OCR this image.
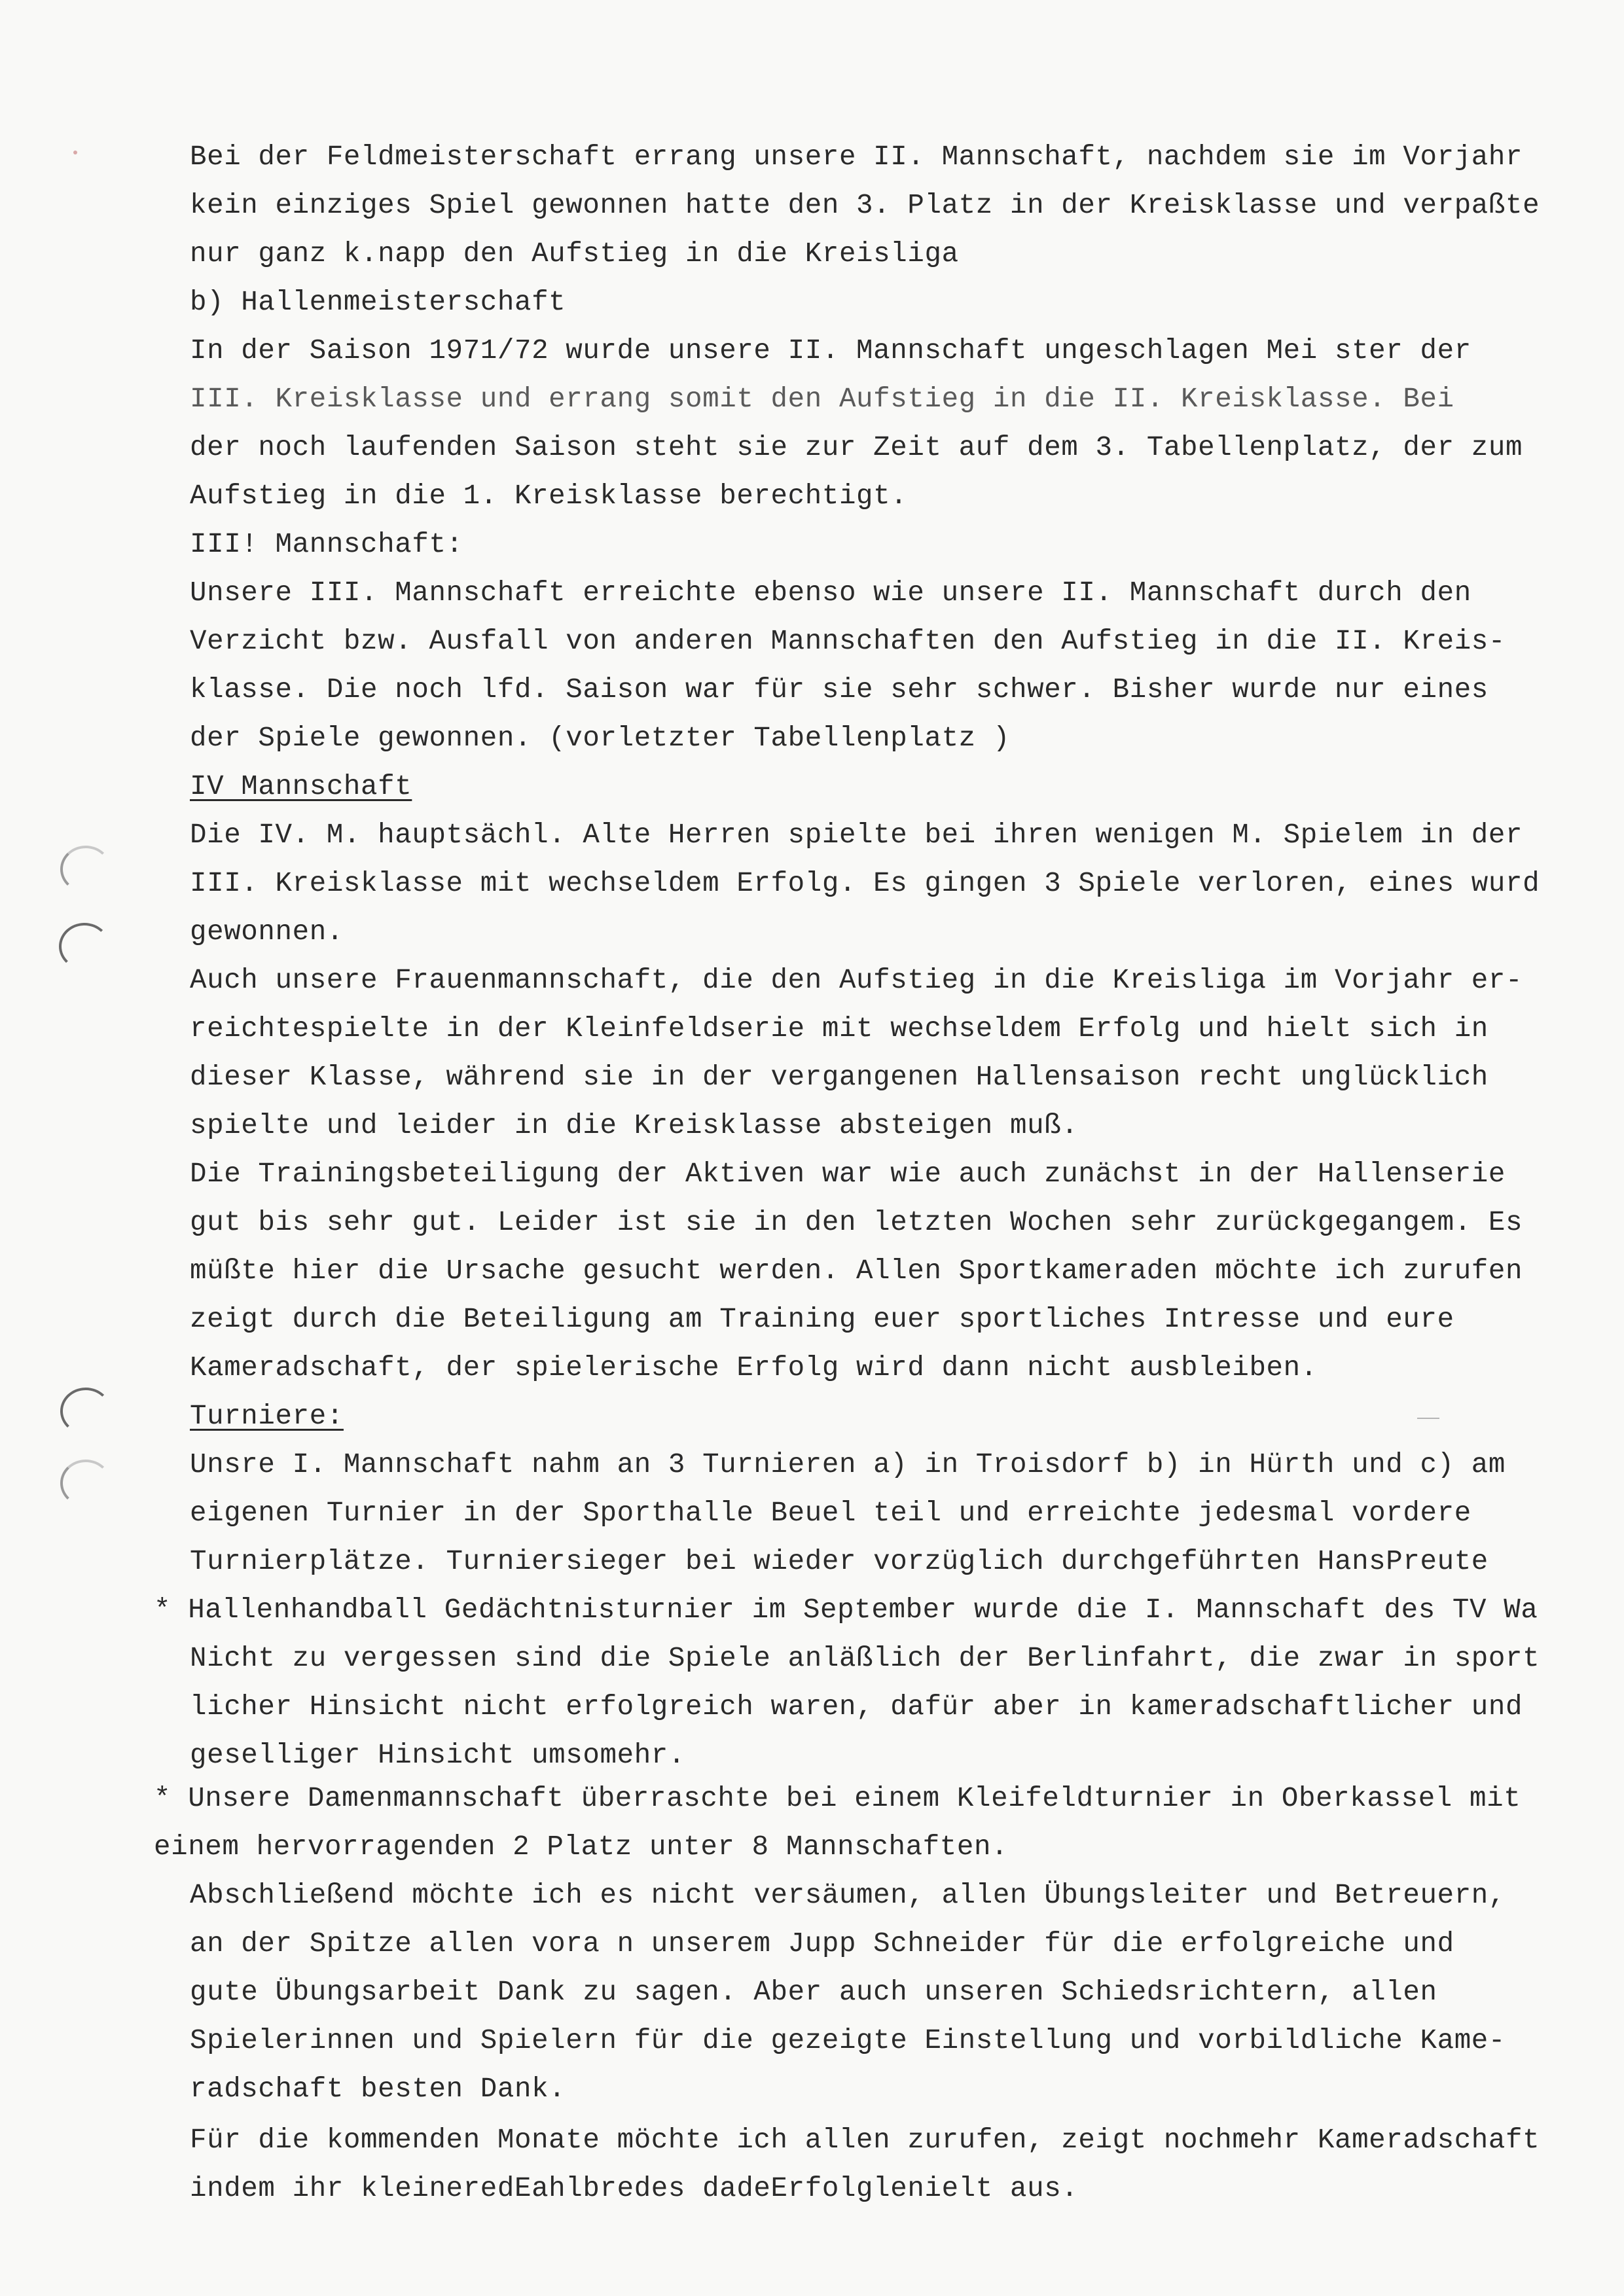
Bei der Feldmeisterschaft errang unsere II. Mannschaft, nachdem sie im Vorjahr
kein einziges Spiel gewonnen hatte den 3. Platz in der Kreisklasse und verpaßte
nur ganz k.napp den Aufstieg in die Kreisliga
b) Hallenmeisterschaft
In der Saison 1971/72 wurde unsere II. Mannschaft ungeschlagen Mei ster der
III. Kreisklasse und errang somit den Aufstieg in die II. Kreisklasse. Bei
der noch laufenden Saison steht sie zur Zeit auf dem 3. Tabellenplatz, der zum
Aufstieg in die 1. Kreisklasse berechtigt.
III! Mannschaft:
Unsere III. Mannschaft erreichte ebenso wie unsere II. Mannschaft durch den
Verzicht bzw. Ausfall von anderen Mannschaften den Aufstieg in die II. Kreis-
klasse. Die noch lfd. Saison war für sie sehr schwer. Bisher wurde nur eines
der Spiele gewonnen. (vorletzter Tabellenplatz )
IV Mannschaft
Die IV. M. hauptsächl. Alte Herren spielte bei ihren wenigen M. Spielem in der
III. Kreisklasse mit wechseldem Erfolg. Es gingen 3 Spiele verloren, eines wurd
gewonnen.
Auch unsere Frauenmannschaft, die den Aufstieg in die Kreisliga im Vorjahr er-
reichtespielte in der Kleinfeldserie mit wechseldem Erfolg und hielt sich in
dieser Klasse, während sie in der vergangenen Hallensaison recht unglücklich
spielte und leider in die Kreisklasse absteigen muß.
Die Trainingsbeteiligung der Aktiven war wie auch zunächst in der Hallenserie
gut bis sehr gut. Leider ist sie in den letzten Wochen sehr zurückgegangem. Es
müßte hier die Ursache gesucht werden. Allen Sportkameraden möchte ich zurufen
zeigt durch die Beteiligung am Training euer sportliches Intresse und eure
Kameradschaft, der spielerische Erfolg wird dann nicht ausbleiben.
Turniere:
Unsre I. Mannschaft nahm an 3 Turnieren a) in Troisdorf b) in Hürth und c) am
eigenen Turnier in der Sporthalle Beuel teil und erreichte jedesmal vordere
Turnierplätze. Turniersieger bei wieder vorzüglich durchgeführten HansPreute
* Hallenhandball Gedächtnisturnier im September wurde die I. Mannschaft des TV Wa
Nicht zu vergessen sind die Spiele anläßlich der Berlinfahrt, die zwar in sport
licher Hinsicht nicht erfolgreich waren, dafür aber in kameradschaftlicher und
geselliger Hinsicht umsomehr.
* Unsere Damenmannschaft überraschte bei einem Kleifeldturnier in Oberkassel mit
einem hervorragenden 2 Platz unter 8 Mannschaften.
Abschließend möchte ich es nicht versäumen, allen Übungsleiter und Betreuern,
an der Spitze allen vora n unserem Jupp Schneider für die erfolgreiche und
gute Übungsarbeit Dank zu sagen. Aber auch unseren Schiedsrichtern, allen
Spielerinnen und Spielern für die gezeigte Einstellung und vorbildliche Kame-
radschaft besten Dank.
Für die kommenden Monate möchte ich allen zurufen, zeigt nochmehr Kameradschaft
indem ihr kleineredEahlbredes dadeErfolglenielt aus.
